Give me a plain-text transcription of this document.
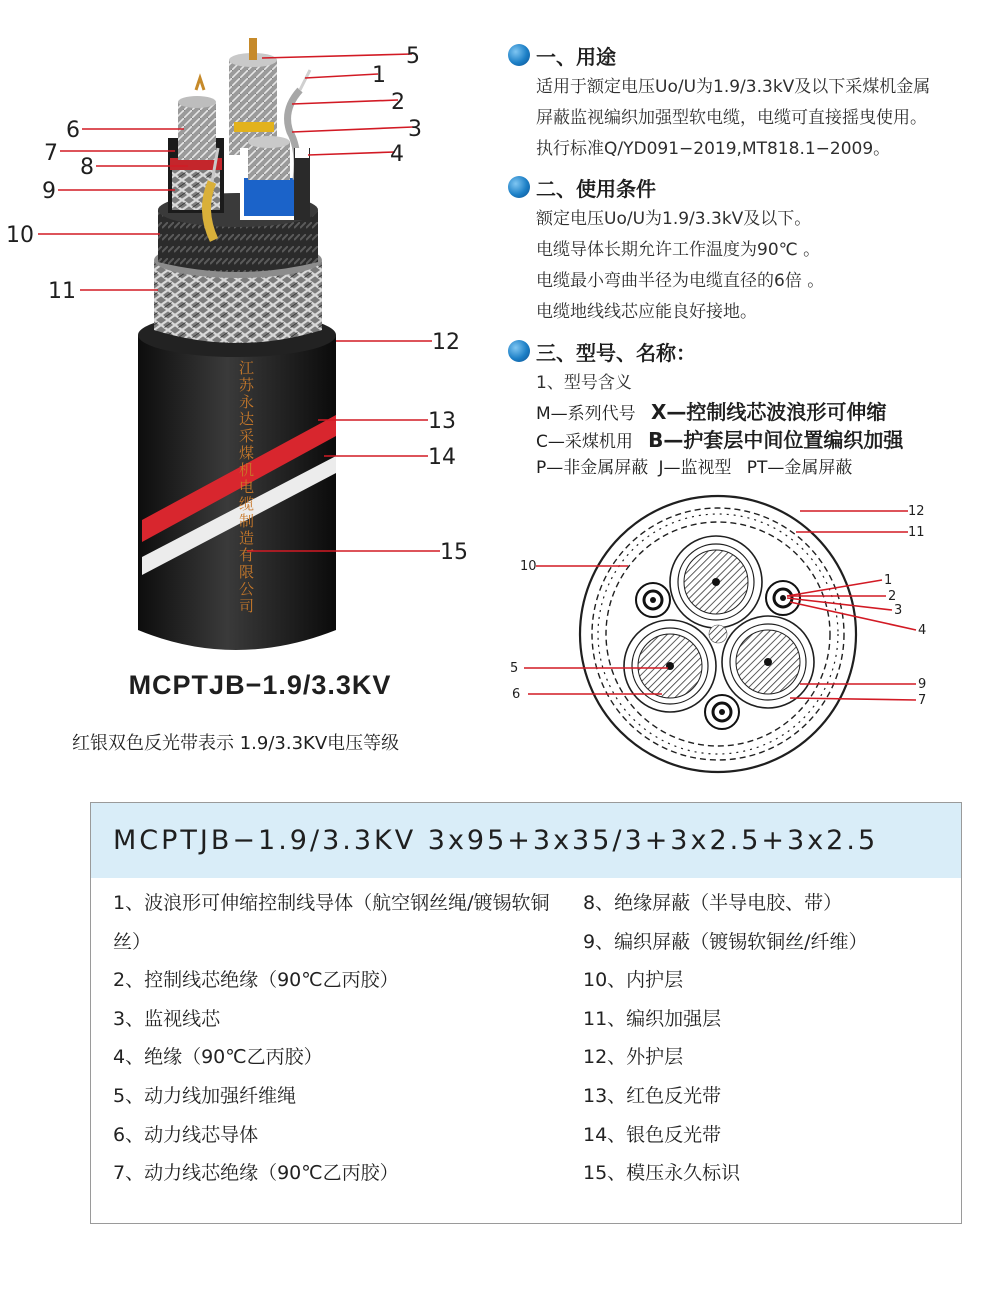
江苏永达采煤机电缆制造有限公司
5
1
2
3
4
6
7
8
9
10
11
12
13
14
15
MCPTJB−1.9/3.3KV
红银双色反光带表示 1.9/3.3KV电压等级
一、用途
适用于额定电压Uo/U为1.9/3.3kV及以下采煤机金属
屏蔽监视编织加强型软电缆，电缆可直接摇曳使用。
执行标准Q/YD091−2019,MT818.1−2009。
二、使用条件
额定电压Uo/U为1.9/3.3kV及以下。
电缆导体长期允许工作温度为90℃ 。
电缆最小弯曲半径为电缆直径的6倍 。
电缆地线线芯应能良好接地。
三、型号、名称：
1、型号含义
M—系列代号 X—控制线芯波浪形可伸缩
C—采煤机用 B—护套层中间位置编织加强
P—非金属屏蔽 J—监视型 PT—金属屏蔽
12
11
10
1
2
3
4
5
6
9
7
MCPTJB−1.9/3.3KV 3x95+3x35/3+3x2.5+3x2.5
1、波浪形可伸缩控制线导体（航空钢丝绳/镀锡软铜丝）
2、控制线芯绝缘（90℃乙丙胶）
3、监视线芯
4、绝缘（90℃乙丙胶）
5、动力线加强纤维绳
6、动力线芯导体
7、动力线芯绝缘（90℃乙丙胶）
8、绝缘屏蔽（半导电胶、带）
9、编织屏蔽（镀锡软铜丝/纤维）
10、内护层
11、编织加强层
12、外护层
13、红色反光带
14、银色反光带
15、模压永久标识
